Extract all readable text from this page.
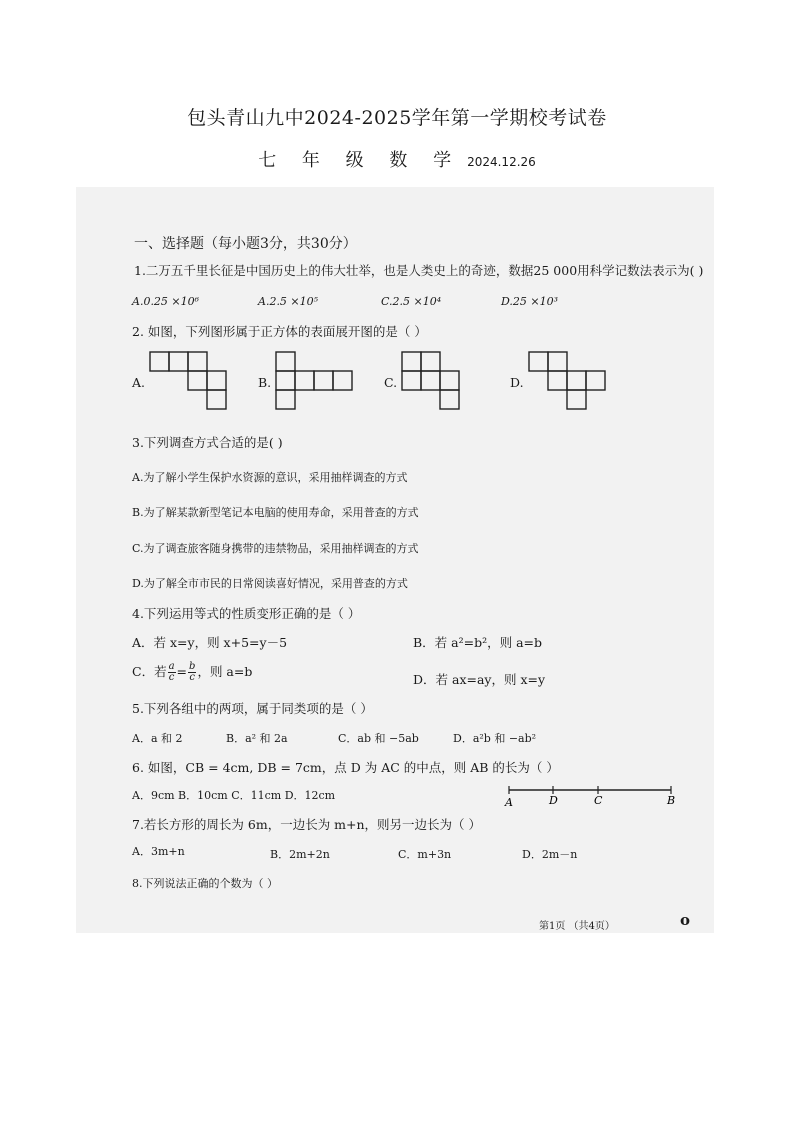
包头青山九中2024-2025学年第一学期校考试卷
七 年 级 数 学 2024.12.26
一、选择题（每小题3分，共30分）
1.二万五千里长征是中国历史上的伟大壮举，也是人类史上的奇迹，数据25 000用科学记数法表示为( )
A.0.25 ×10⁶	A.2.5 ×10⁵	C.2.5 ×10⁴	D.25 ×10³
2. 如图，下列图形属于正方体的表面展开图的是（ ）
A.	B.	C.	D.
3.下列调查方式合适的是( )
A.为了解小学生保护水资源的意识，采用抽样调查的方式
B.为了解某款新型笔记本电脑的使用寿命，采用普查的方式
C.为了调查旅客随身携带的违禁物品，采用抽样调查的方式
D.为了解全市市民的日常阅读喜好情况，采用普查的方式
4.下列运用等式的性质变形正确的是（ ）
A．若 x=y，则 x+5=y－5	B．若 a²=b²，则 a=b
C．若 $\frac{a}{c} = \frac{b}{c}$ ，则 a=b
D．若 ax=ay，则 x=y
5.下列各组中的两项，属于同类项的是（ ）
A．a 和 2	B．a² 和 2a	C．ab 和 −5ab	D．a²b 和 −ab²
6. 如图，CB = 4cm, DB = 7cm，点 D 为 AC 的中点，则 AB 的长为（ ）
A．9cm B．10cm C．11cm D．12cm
A	D	C	B
7.若长方形的周长为 6m，一边长为 m+n，则另一边长为（ ）
A．3m+n	B．2m+2n	C．m+3n	D．2m－n
8.下列说法正确的个数为（ ）
第1页 （共4页）	o
